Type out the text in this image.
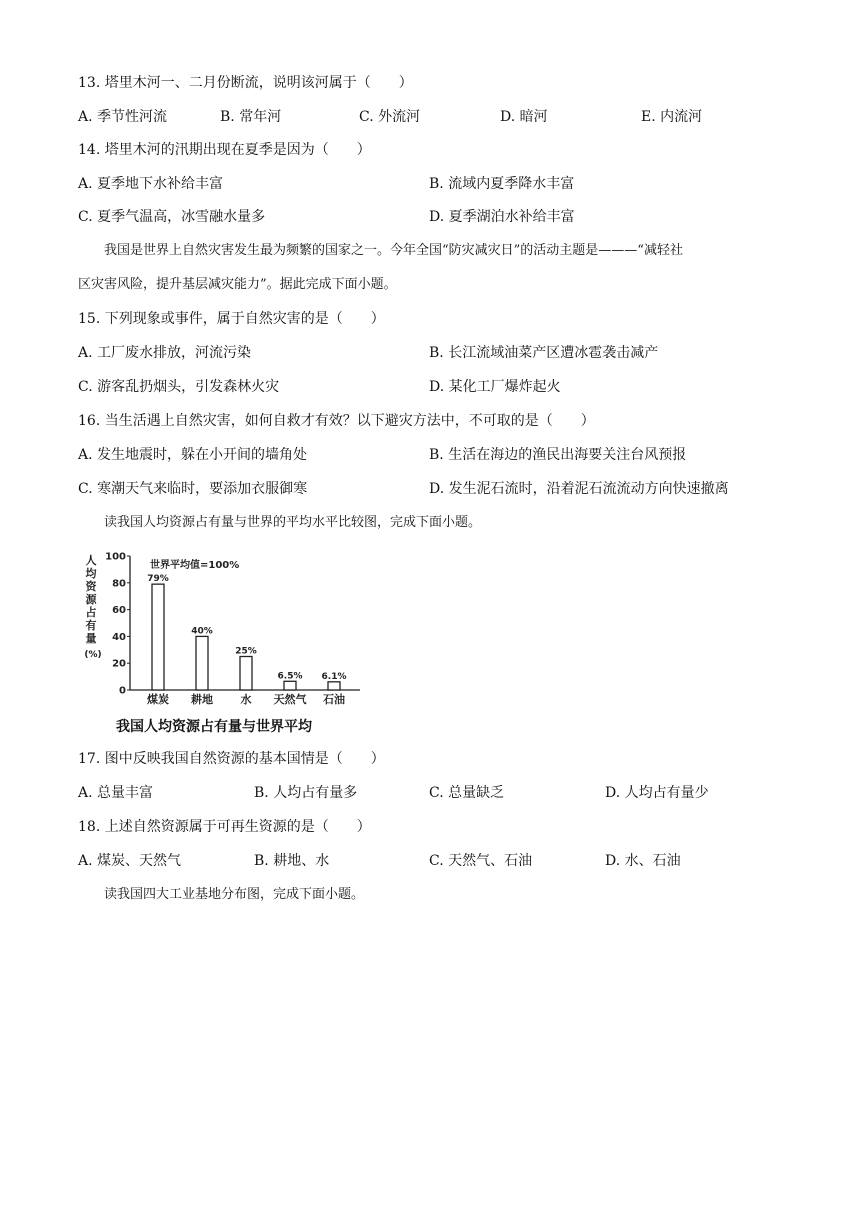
13. 塔里木河一、二月份断流，说明该河属于（　　）
A. 季节性河流	B. 常年河	C. 外流河	D. 暗河	E. 内流河
14. 塔里木河的汛期出现在夏季是因为（　　）
A. 夏季地下水补给丰富	B. 流域内夏季降水丰富
C. 夏季气温高，冰雪融水量多	D. 夏季湖泊水补给丰富
我国是世界上自然灾害发生最为频繁的国家之一。今年全国“防灾减灾日”的活动主题是———“减轻社
区灾害风险，提升基层减灾能力”。据此完成下面小题。
15. 下列现象或事件，属于自然灾害的是（　　）
A. 工厂废水排放，河流污染	B. 长江流域油菜产区遭冰雹袭击减产
C. 游客乱扔烟头，引发森林火灾	D. 某化工厂爆炸起火
16. 当生活遇上自然灾害，如何自救才有效？以下避灾方法中，不可取的是（　　）
A. 发生地震时，躲在小开间的墙角处	B. 生活在海边的渔民出海要关注台风预报
C. 寒潮天气来临时，要添加衣服御寒	D. 发生泥石流时，沿着泥石流流动方向快速撤离
读我国人均资源占有量与世界的平均水平比较图，完成下面小题。
人
均
资
源
占
有
量
(%)
0
20
40
60
80
100
79%
煤炭
40%
耕地
25%
水
6.5%
天然气
6.1%
石油
世界平均值=100%
我国人均资源占有量与世界平均
17. 图中反映我国自然资源的基本国情是（　　）
A. 总量丰富	B. 人均占有量多	C. 总量缺乏	D. 人均占有量少
18. 上述自然资源属于可再生资源的是（　　）
A. 煤炭、天然气	B. 耕地、水	C. 天然气、石油	D. 水、石油
读我国四大工业基地分布图，完成下面小题。
